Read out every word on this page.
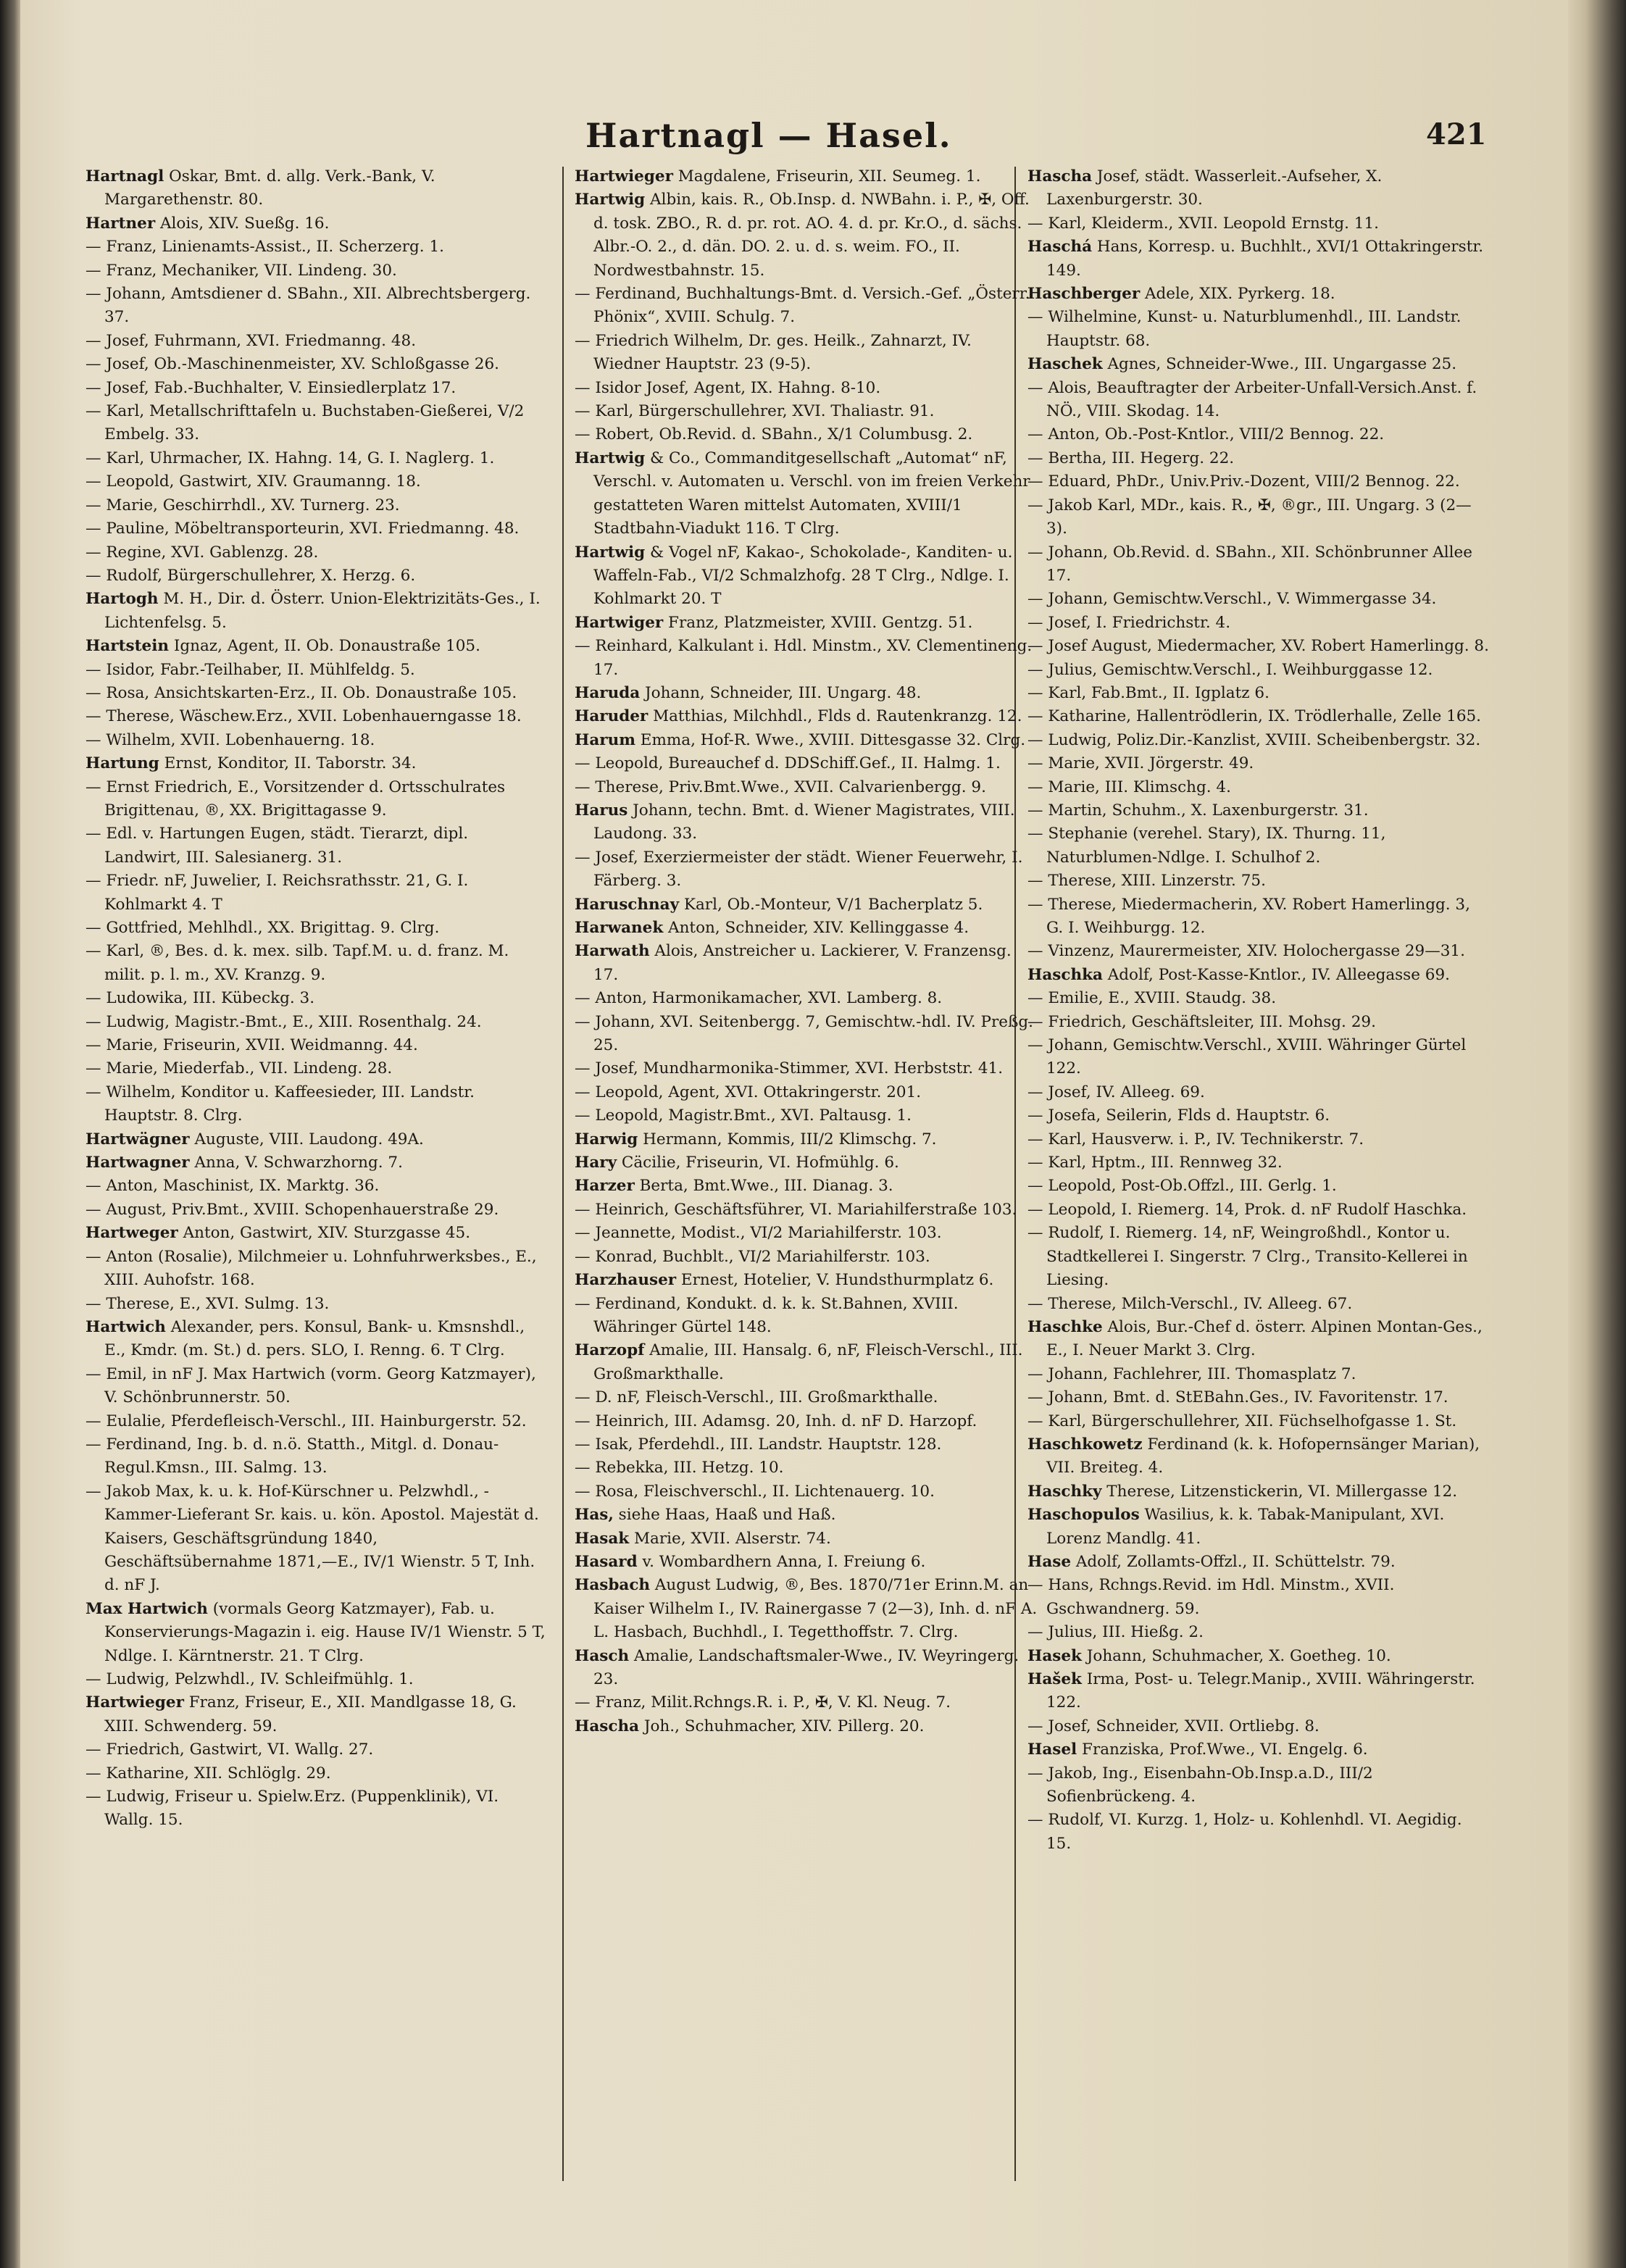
Hartnagl — Hasel.	421

Hartnagl Oskar, Bmt. d. allg. Verk.-Bank, V. Margarethenstr. 80.

Hartner Alois, XIV. Sueßg. 16.

— Franz, Linienamts-Assist., II. Scherzerg. 1.

— Franz, Mechaniker, VII. Lindeng. 30.

— Johann, Amtsdiener d. SBahn., XII. Albrechtsbergerg. 37.

— Josef, Fuhrmann, XVI. Friedmanng. 48.

— Josef, Ob.-Maschinenmeister, XV. Schloßgasse 26.

— Josef, Fab.-Buchhalter, V. Einsiedlerplatz 17.

— Karl, Metallschrifttafeln u. Buchstaben-Gießerei, V/2 Embelg. 33.

— Karl, Uhrmacher, IX. Hahng. 14, G. I. Naglerg. 1.

— Leopold, Gastwirt, XIV. Graumanng. 18.

— Marie, Geschirrhdl., XV. Turnerg. 23.

— Pauline, Möbeltransporteurin, XVI. Friedmanng. 48.

— Regine, XVI. Gablenzg. 28.

— Rudolf, Bürgerschullehrer, X. Herzg. 6.

Hartogh M. H., Dir. d. Österr. Union-Elektrizitäts-Ges., I. Lichtenfelsg. 5.

Hartstein Ignaz, Agent, II. Ob. Donaustraße 105.

— Isidor, Fabr.-Teilhaber, II. Mühlfeldg. 5.

— Rosa, Ansichtskarten-Erz., II. Ob. Donaustraße 105.

— Therese, Wäschew.Erz., XVII. Lobenhauerngasse 18.

— Wilhelm, XVII. Lobenhauerng. 18.

Hartung Ernst, Konditor, II. Taborstr. 34.

— Ernst Friedrich, E., Vorsitzender d. Ortsschulrates Brigittenau, ®, XX. Brigittagasse 9.

— Edl. v. Hartungen Eugen, städt. Tierarzt, dipl. Landwirt, III. Salesianerg. 31.

— Friedr. nF, Juwelier, I. Reichsrathsstr. 21, G. I. Kohlmarkt 4. T

— Gottfried, Mehlhdl., XX. Brigittag. 9. Clrg.

— Karl, ®, Bes. d. k. mex. silb. Tapf.M. u. d. franz. M. milit. p. l. m., XV. Kranzg. 9.

— Ludowika, III. Kübeckg. 3.

— Ludwig, Magistr.-Bmt., E., XIII. Rosenthalg. 24.

— Marie, Friseurin, XVII. Weidmanng. 44.

— Marie, Miederfab., VII. Lindeng. 28.

— Wilhelm, Konditor u. Kaffeesieder, III. Landstr. Hauptstr. 8. Clrg.

Hartwägner Auguste, VIII. Laudong. 49A.

Hartwagner Anna, V. Schwarzhorng. 7.

— Anton, Maschinist, IX. Marktg. 36.

— August, Priv.Bmt., XVIII. Schopenhauerstraße 29.

Hartweger Anton, Gastwirt, XIV. Sturzgasse 45.

— Anton (Rosalie), Milchmeier u. Lohnfuhrwerksbes., E., XIII. Auhofstr. 168.

— Therese, E., XVI. Sulmg. 13.

Hartwich Alexander, pers. Konsul, Bank- u. Kmsnshdl., E., Kmdr. (m. St.) d. pers. SLO, I. Renng. 6. T Clrg.

— Emil, in nF J. Max Hartwich (vorm. Georg Katzmayer), V. Schönbrunnerstr. 50.

— Eulalie, Pferdefleisch-Verschl., III. Hainburgerstr. 52.

— Ferdinand, Ing. b. d. n.ö. Statth., Mitgl. d. Donau-Regul.Kmsn., III. Salmg. 13.

— Jakob Max, k. u. k. Hof-Kürschner u. Pelzwhdl., -Kammer-Lieferant Sr. kais. u. kön. Apostol. Majestät d. Kaisers, Geschäftsgründung 1840, Geschäftsübernahme 1871,—E., IV/1 Wienstr. 5 T, Inh. d. nF J.

Max Hartwich (vormals Georg Katzmayer), Fab. u. Konservierungs-Magazin i. eig. Hause IV/1 Wienstr. 5 T, Ndlge. I. Kärntnerstr. 21. T Clrg.

— Ludwig, Pelzwhdl., IV. Schleifmühlg. 1.

Hartwieger Franz, Friseur, E., XII. Mandlgasse 18, G. XIII. Schwenderg. 59.

— Friedrich, Gastwirt, VI. Wallg. 27.

— Katharine, XII. Schlöglg. 29.

— Ludwig, Friseur u. Spielw.Erz. (Puppenklinik), VI. Wallg. 15.

Hartwieger Magdalene, Friseurin, XII. Seumeg. 1.

Hartwig Albin, kais. R., Ob.Insp. d. NWBahn. i. P., ✠, Off. d. tosk. ZBO., R. d. pr. rot. AO. 4. d. pr. Kr.O., d. sächs. Albr.-O. 2., d. dän. DO. 2. u. d. s. weim. FO., II. Nordwestbahnstr. 15.

— Ferdinand, Buchhaltungs-Bmt. d. Versich.-Gef. „Österr. Phönix“, XVIII. Schulg. 7.

— Friedrich Wilhelm, Dr. ges. Heilk., Zahnarzt, IV. Wiedner Hauptstr. 23 (9-5).

— Isidor Josef, Agent, IX. Hahng. 8-10.

— Karl, Bürgerschullehrer, XVI. Thaliastr. 91.

— Robert, Ob.Revid. d. SBahn., X/1 Columbusg. 2.

Hartwig & Co., Commanditgesellschaft „Automat“ nF, Verschl. v. Automaten u. Verschl. von im freien Verkehr gestatteten Waren mittelst Automaten, XVIII/1 Stadtbahn-Viadukt 116. T Clrg.

Hartwig & Vogel nF, Kakao-, Schokolade-, Kanditen- u. Waffeln-Fab., VI/2 Schmalzhofg. 28 T Clrg., Ndlge. I. Kohlmarkt 20. T

Hartwiger Franz, Platzmeister, XVIII. Gentzg. 51.

— Reinhard, Kalkulant i. Hdl. Minstm., XV. Clementineng. 17.

Haruda Johann, Schneider, III. Ungarg. 48.

Haruder Matthias, Milchhdl., Flds d. Rautenkranzg. 12.

Harum Emma, Hof-R. Wwe., XVIII. Dittesgasse 32. Clrg.

— Leopold, Bureauchef d. DDSchiff.Gef., II. Halmg. 1.

— Therese, Priv.Bmt.Wwe., XVII. Calvarienbergg. 9.

Harus Johann, techn. Bmt. d. Wiener Magistrates, VIII. Laudong. 33.

— Josef, Exerziermeister der städt. Wiener Feuerwehr, I. Färberg. 3.

Haruschnay Karl, Ob.-Monteur, V/1 Bacherplatz 5.

Harwanek Anton, Schneider, XIV. Kellinggasse 4.

Harwath Alois, Anstreicher u. Lackierer, V. Franzensg. 17.

— Anton, Harmonikamacher, XVI. Lamberg. 8.

— Johann, XVI. Seitenbergg. 7, Gemischtw.-hdl. IV. Preßg. 25.

— Josef, Mundharmonika-Stimmer, XVI. Herbststr. 41.

— Leopold, Agent, XVI. Ottakringerstr. 201.

— Leopold, Magistr.Bmt., XVI. Paltausg. 1.

Harwig Hermann, Kommis, III/2 Klimschg. 7.

Hary Cäcilie, Friseurin, VI. Hofmühlg. 6.

Harzer Berta, Bmt.Wwe., III. Dianag. 3.

— Heinrich, Geschäftsführer, VI. Mariahilferstraße 103.

— Jeannette, Modist., VI/2 Mariahilferstr. 103.

— Konrad, Buchblt., VI/2 Mariahilferstr. 103.

Harzhauser Ernest, Hotelier, V. Hundsthurmplatz 6.

— Ferdinand, Kondukt. d. k. k. St.Bahnen, XVIII. Währinger Gürtel 148.

Harzopf Amalie, III. Hansalg. 6, nF, Fleisch-Verschl., III. Großmarkthalle.

— D. nF, Fleisch-Verschl., III. Großmarkthalle.

— Heinrich, III. Adamsg. 20, Inh. d. nF D. Harzopf.

— Isak, Pferdehdl., III. Landstr. Hauptstr. 128.

— Rebekka, III. Hetzg. 10.

— Rosa, Fleischverschl., II. Lichtenauerg. 10.

Has, siehe Haas, Haaß und Haß.

Hasak Marie, XVII. Alserstr. 74.

Hasard v. Wombardhern Anna, I. Freiung 6.

Hasbach August Ludwig, ®, Bes. 1870/71er Erinn.M. an Kaiser Wilhelm I., IV. Rainergasse 7 (2—3), Inh. d. nF A. L. Hasbach, Buchhdl., I. Tegetthoffstr. 7. Clrg.

Hasch Amalie, Landschaftsmaler-Wwe., IV. Weyringerg. 23.

— Franz, Milit.Rchngs.R. i. P., ✠, V. Kl. Neug. 7.

Hascha Joh., Schuhmacher, XIV. Pillerg. 20.

Hascha Josef, städt. Wasserleit.-Aufseher, X. Laxenburgerstr. 30.

— Karl, Kleiderm., XVII. Leopold Ernstg. 11.

Haschá Hans, Korresp. u. Buchhlt., XVI/1 Ottakringerstr. 149.

Haschberger Adele, XIX. Pyrkerg. 18.

— Wilhelmine, Kunst- u. Naturblumenhdl., III. Landstr. Hauptstr. 68.

Haschek Agnes, Schneider-Wwe., III. Ungargasse 25.

— Alois, Beauftragter der Arbeiter-Unfall-Versich.Anst. f. NÖ., VIII. Skodag. 14.

— Anton, Ob.-Post-Kntlor., VIII/2 Bennog. 22.

— Bertha, III. Hegerg. 22.

— Eduard, PhDr., Univ.Priv.-Dozent, VIII/2 Bennog. 22.

— Jakob Karl, MDr., kais. R., ✠, ®gr., III. Ungarg. 3 (2—3).

— Johann, Ob.Revid. d. SBahn., XII. Schönbrunner Allee 17.

— Johann, Gemischtw.Verschl., V. Wimmergasse 34.

— Josef, I. Friedrichstr. 4.

— Josef August, Miedermacher, XV. Robert Hamerlingg. 8.

— Julius, Gemischtw.Verschl., I. Weihburggasse 12.

— Karl, Fab.Bmt., II. Igplatz 6.

— Katharine, Hallentrödlerin, IX. Trödlerhalle, Zelle 165.

— Ludwig, Poliz.Dir.-Kanzlist, XVIII. Scheibenbergstr. 32.

— Marie, XVII. Jörgerstr. 49.

— Marie, III. Klimschg. 4.

— Martin, Schuhm., X. Laxenburgerstr. 31.

— Stephanie (verehel. Stary), IX. Thurng. 11, Naturblumen-Ndlge. I. Schulhof 2.

— Therese, XIII. Linzerstr. 75.

— Therese, Miedermacherin, XV. Robert Hamerlingg. 3, G. I. Weihburgg. 12.

— Vinzenz, Maurermeister, XIV. Holochergasse 29—31.

Haschka Adolf, Post-Kasse-Kntlor., IV. Alleegasse 69.

— Emilie, E., XVIII. Staudg. 38.

— Friedrich, Geschäftsleiter, III. Mohsg. 29.

— Johann, Gemischtw.Verschl., XVIII. Währinger Gürtel 122.

— Josef, IV. Alleeg. 69.

— Josefa, Seilerin, Flds d. Hauptstr. 6.

— Karl, Hausverw. i. P., IV. Technikerstr. 7.

— Karl, Hptm., III. Rennweg 32.

— Leopold, Post-Ob.Offzl., III. Gerlg. 1.

— Leopold, I. Riemerg. 14, Prok. d. nF Rudolf Haschka.

— Rudolf, I. Riemerg. 14, nF, Weingroßhdl., Kontor u. Stadtkellerei I. Singerstr. 7 Clrg., Transito-Kellerei in Liesing.

— Therese, Milch-Verschl., IV. Alleeg. 67.

Haschke Alois, Bur.-Chef d. österr. Alpinen Montan-Ges., E., I. Neuer Markt 3. Clrg.

— Johann, Fachlehrer, III. Thomasplatz 7.

— Johann, Bmt. d. StEBahn.Ges., IV. Favoritenstr. 17.

— Karl, Bürgerschullehrer, XII. Füchselhofgasse 1. St.

Haschkowetz Ferdinand (k. k. Hofopernsänger Marian), VII. Breiteg. 4.

Haschky Therese, Litzenstickerin, VI. Millergasse 12.

Haschopulos Wasilius, k. k. Tabak-Manipulant, XVI. Lorenz Mandlg. 41.

Hase Adolf, Zollamts-Offzl., II. Schüttelstr. 79.

— Hans, Rchngs.Revid. im Hdl. Minstm., XVII. Gschwandnerg. 59.

— Julius, III. Hießg. 2.

Hasek Johann, Schuhmacher, X. Goetheg. 10.

Hašek Irma, Post- u. Telegr.Manip., XVIII. Währingerstr. 122.

— Josef, Schneider, XVII. Ortliebg. 8.

Hasel Franziska, Prof.Wwe., VI. Engelg. 6.

— Jakob, Ing., Eisenbahn-Ob.Insp.a.D., III/2 Sofienbrückeng. 4.

— Rudolf, VI. Kurzg. 1, Holz- u. Kohlenhdl. VI. Aegidig. 15.
